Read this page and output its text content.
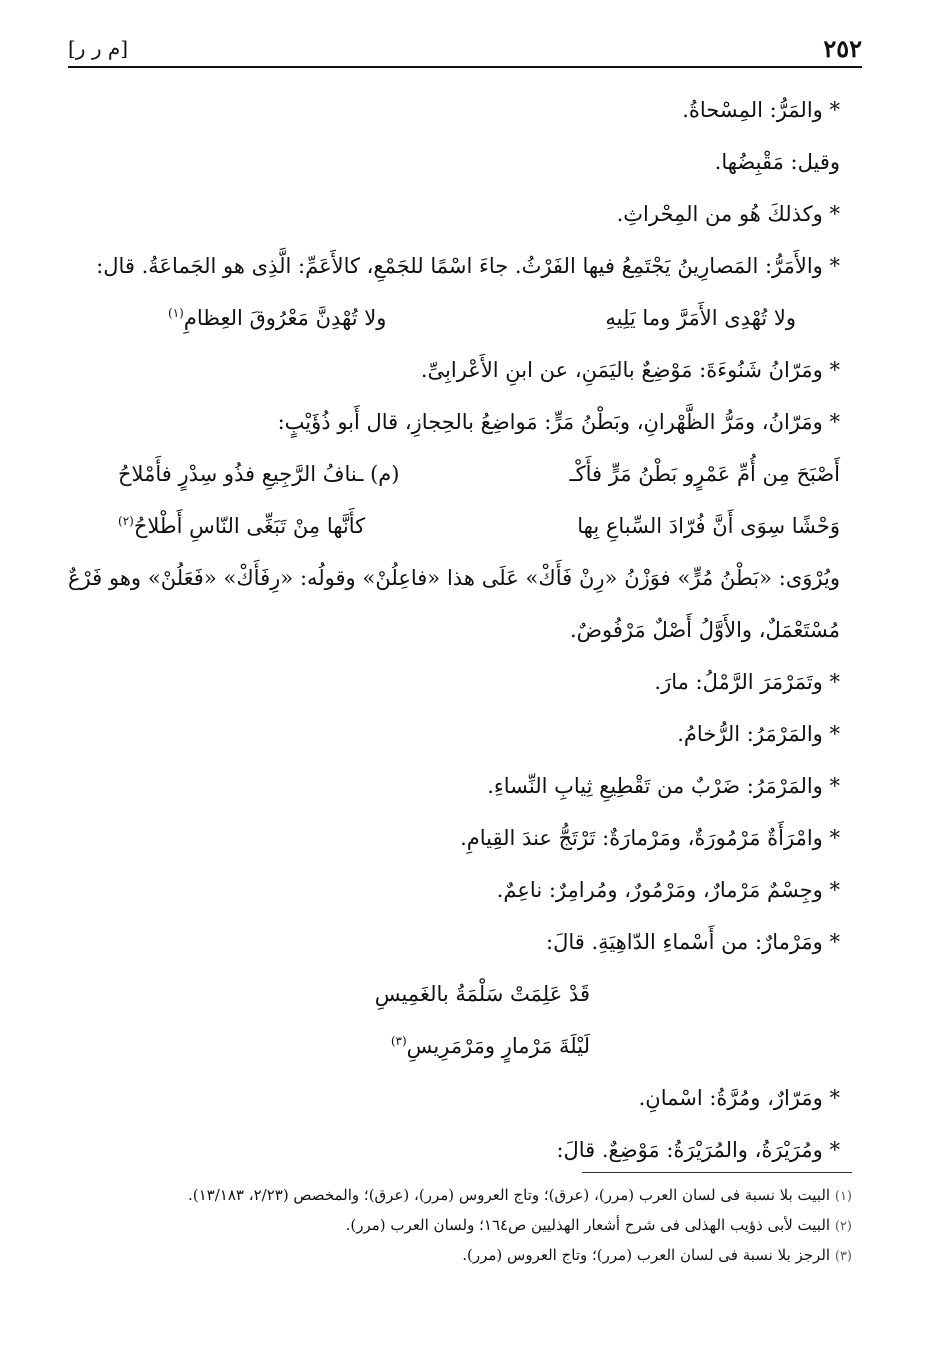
٢٥٢
[م ر ر]

* والمَرُّ: المِسْحاةُ.

وقيل: مَقْبِضُها.

* وكذلكَ هُو من المِحْراثِ.

* والأَمَرُّ: المَصارِينُ يَجْتَمِعُ فيها الفَرْثُ. جاءَ اسْمًا للجَمْعِ، كالأَعَمِّ: الَّذِى هو الجَماعَةُ. قال:

ولا تُهْدِى الأَمَرَّ وما يَلِيهِ
ولا تُهْدِنَّ مَعْرُوقَ العِظامِ$^{(١)}$

* ومَرّانُ شَنُوءَةَ: مَوْضِعٌ باليَمَنِ، عن ابنِ الأَعْرابِىِّ.

* ومَرّانُ، ومَرُّ الظَّهْرانِ، وبَطْنُ مَرٍّ: مَواضِعُ بالحِجازِ، قال أَبو ذُؤَيْبٍ:

أَصْبَحَ مِن أُمِّ عَمْرٍو بَطْنُ مَرٍّ فأَكْـ
(م) ـنافُ الرَّجِيعِ فذُو سِدْرٍ فأَمْلاحُ
وَحْشًا سِوَى أَنَّ فُرّادَ السِّباعِ بِها
كأَنَّها مِنْ تَبَغِّى النّاسِ أَطْلاحُ$^{(٢)}$

ويُرْوَى: «بَطْنُ مُرٍّ» فوَزْنُ «رِنْ فَأَكْ» عَلَى هذا «فاعِلُنْ» وقولُه: «رِفَأَكْ» «فَعَلُنْ» وهو فَرْعٌ مُسْتَعْمَلٌ، والأَوَّلُ أَصْلٌ مَرْفُوضٌ.

* وتَمَرْمَرَ الرَّمْلُ: مارَ.

* والمَرْمَرُ: الرُّخامُ.

* والمَرْمَرُ: ضَرْبٌ من تَقْطِيعِ ثِيابِ النِّساءِ.

* وامْرَأَةٌ مَرْمُورَةٌ، ومَرْمارَةٌ: تَرْتَجُّ عندَ القِيامِ.

* وجِسْمٌ مَرْمارٌ، ومَرْمُورٌ، ومُرامِرٌ: ناعِمٌ.

* ومَرْمارٌ: من أَسْماءِ الدّاهِيَةِ. قالَ:

قَدْ عَلِمَتْ سَلْمَةُ بالغَمِيسِ
لَيْلَةَ مَرْمارٍ ومَرْمَرِيسِ$^{(٣)}$

* ومَرّارٌ، ومُرَّةُ: اسْمانِ.

* ومُرَيْرَةُ، والمُرَيْرَةُ: مَوْضِعٌ. قالَ:

(١) البيت بلا نسبة فى لسان العرب (مرر)، (عرق)؛ وتاج العروس (مرر)، (عرق)؛ والمخصص (٢/٢٣، ١٣/١٨٣).

(٢) البيت لأبى ذؤيب الهذلى فى شرح أشعار الهذليين ص١٦٤؛ ولسان العرب (مرر).

(٣) الرجز بلا نسبة فى لسان العرب (مرر)؛ وتاج العروس (مرر).
